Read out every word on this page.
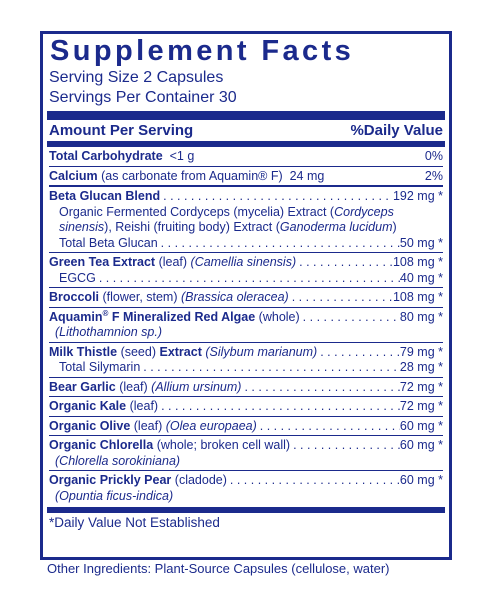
Supplement Facts
Serving Size 2 Capsules
Servings Per Container 30
Amount Per Serving	%Daily Value
Total Carbohydrate <1 g	0%
Calcium (as carbonate from Aquamin® F) 24 mg	2%
Beta Glucan Blend . . .	192 mg *
Organic Fermented Cordyceps (mycelia) Extract (Cordyceps
sinensis), Reishi (fruiting body) Extract (Ganoderma lucidum)
Total Beta Glucan . . .	50 mg *
Green Tea Extract (leaf) (Camellia sinensis) . . .	108 mg *
EGCG . . .	40 mg *
Broccoli (flower, stem) (Brassica oleracea) . . .	108 mg *
Aquamin® F Mineralized Red Algae (whole) . . .	80 mg *
(Lithothamnion sp.)
Milk Thistle (seed) Extract (Silybum marianum) . . .	79 mg *
Total Silymarin . . .	28 mg *
Bear Garlic (leaf) (Allium ursinum) . . .	72 mg *
Organic Kale (leaf) . . .	72 mg *
Organic Olive (leaf) (Olea europaea) . . .	60 mg *
Organic Chlorella (whole; broken cell wall) . . .	60 mg *
(Chlorella sorokiniana)
Organic Prickly Pear (cladode) . . .	60 mg *
(Opuntia ficus-indica)
*Daily Value Not Established
Other Ingredients: Plant-Source Capsules (cellulose, water)
